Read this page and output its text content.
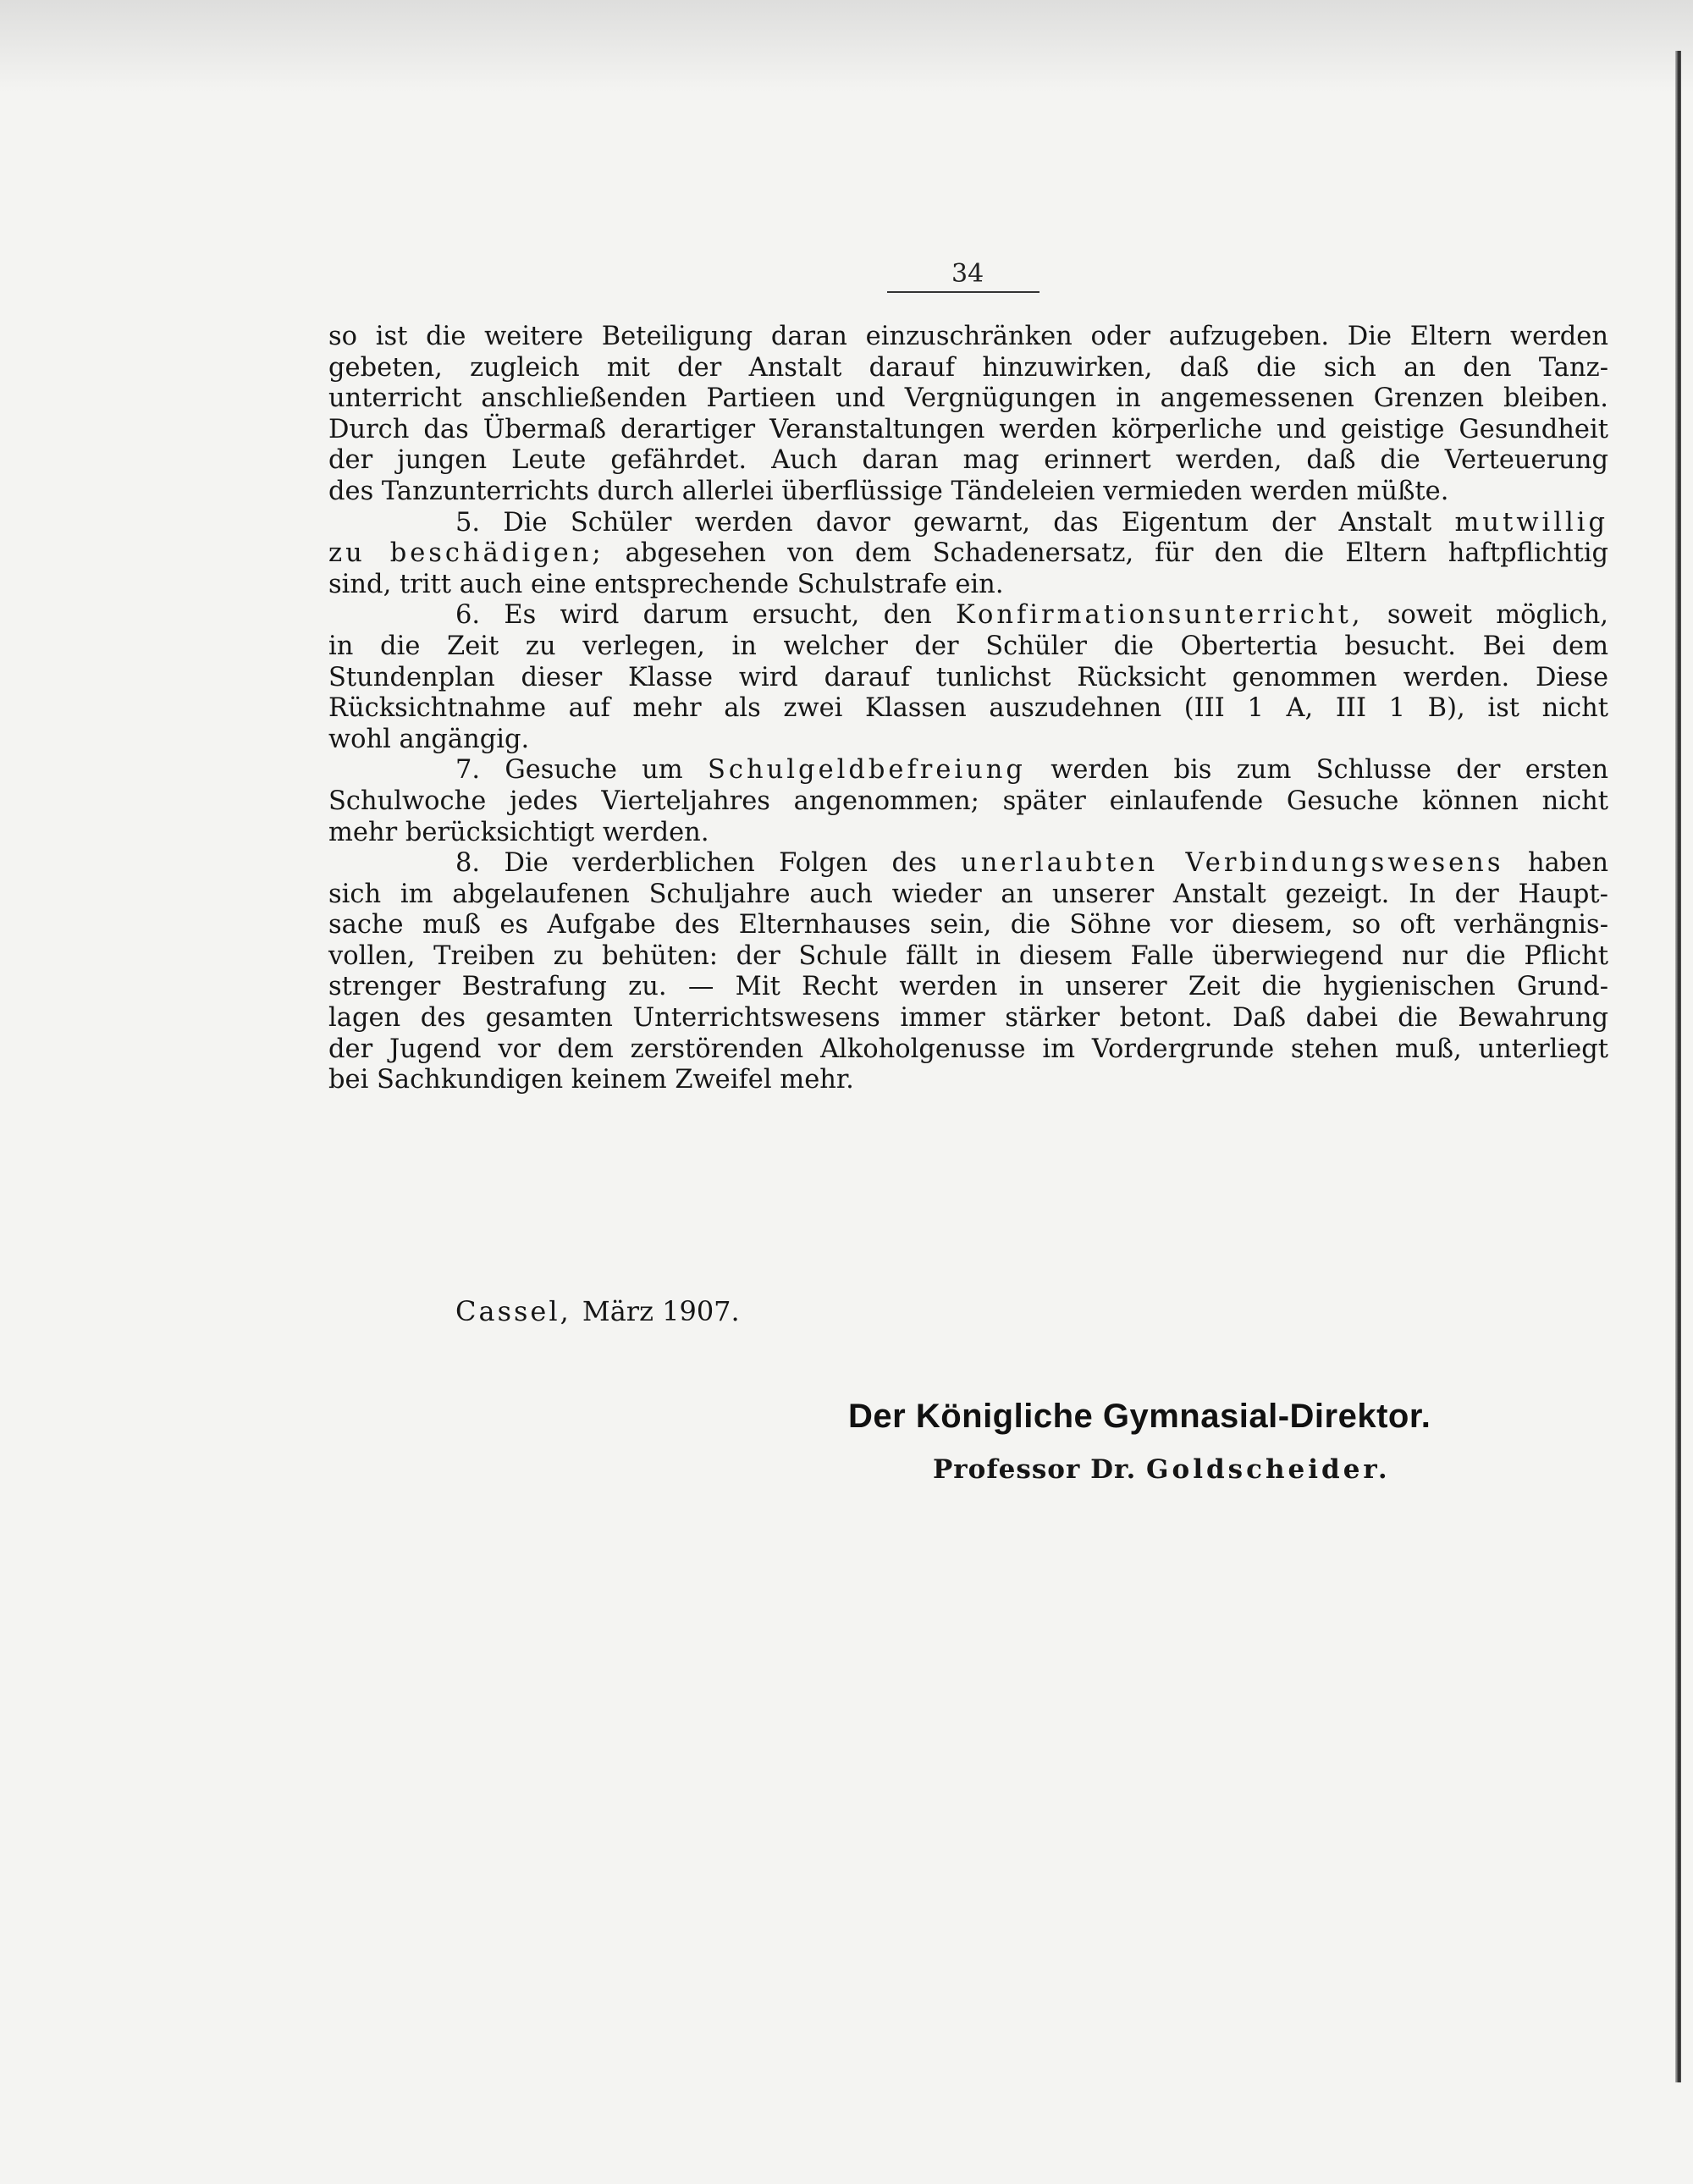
34
so ist die weitere Beteiligung daran einzuschränken oder aufzugeben. Die Eltern werden
gebeten, zugleich mit der Anstalt darauf hinzuwirken, daß die sich an den Tanz-
unterricht anschließenden Partieen und Vergnügungen in angemessenen Grenzen bleiben.
Durch das Übermaß derartiger Veranstaltungen werden körperliche und geistige Gesundheit
der jungen Leute gefährdet. Auch daran mag erinnert werden, daß die Verteuerung
des Tanzunterrichts durch allerlei überflüssige Tändeleien vermieden werden müßte.
5. Die Schüler werden davor gewarnt, das Eigentum der Anstalt mutwillig
zu beschädigen; abgesehen von dem Schadenersatz, für den die Eltern haftpflichtig
sind, tritt auch eine entsprechende Schulstrafe ein.
6. Es wird darum ersucht, den Konfirmationsunterricht, soweit möglich,
in die Zeit zu verlegen, in welcher der Schüler die Obertertia besucht. Bei dem
Stundenplan dieser Klasse wird darauf tunlichst Rücksicht genommen werden. Diese
Rücksichtnahme auf mehr als zwei Klassen auszudehnen (III 1 A, III 1 B), ist nicht
wohl angängig.
7. Gesuche um Schulgeldbefreiung werden bis zum Schlusse der ersten
Schulwoche jedes Vierteljahres angenommen; später einlaufende Gesuche können nicht
mehr berücksichtigt werden.
8. Die verderblichen Folgen des unerlaubten Verbindungswesens haben
sich im abgelaufenen Schuljahre auch wieder an unserer Anstalt gezeigt. In der Haupt-
sache muß es Aufgabe des Elternhauses sein, die Söhne vor diesem, so oft verhängnis-
vollen, Treiben zu behüten: der Schule fällt in diesem Falle überwiegend nur die Pflicht
strenger Bestrafung zu. — Mit Recht werden in unserer Zeit die hygienischen Grund-
lagen des gesamten Unterrichtswesens immer stärker betont. Daß dabei die Bewahrung
der Jugend vor dem zerstörenden Alkoholgenusse im Vordergrunde stehen muß, unterliegt
bei Sachkundigen keinem Zweifel mehr.
Cassel, März 1907.
Der Königliche Gymnasial-Direktor.
Professor Dr. Goldscheider.
